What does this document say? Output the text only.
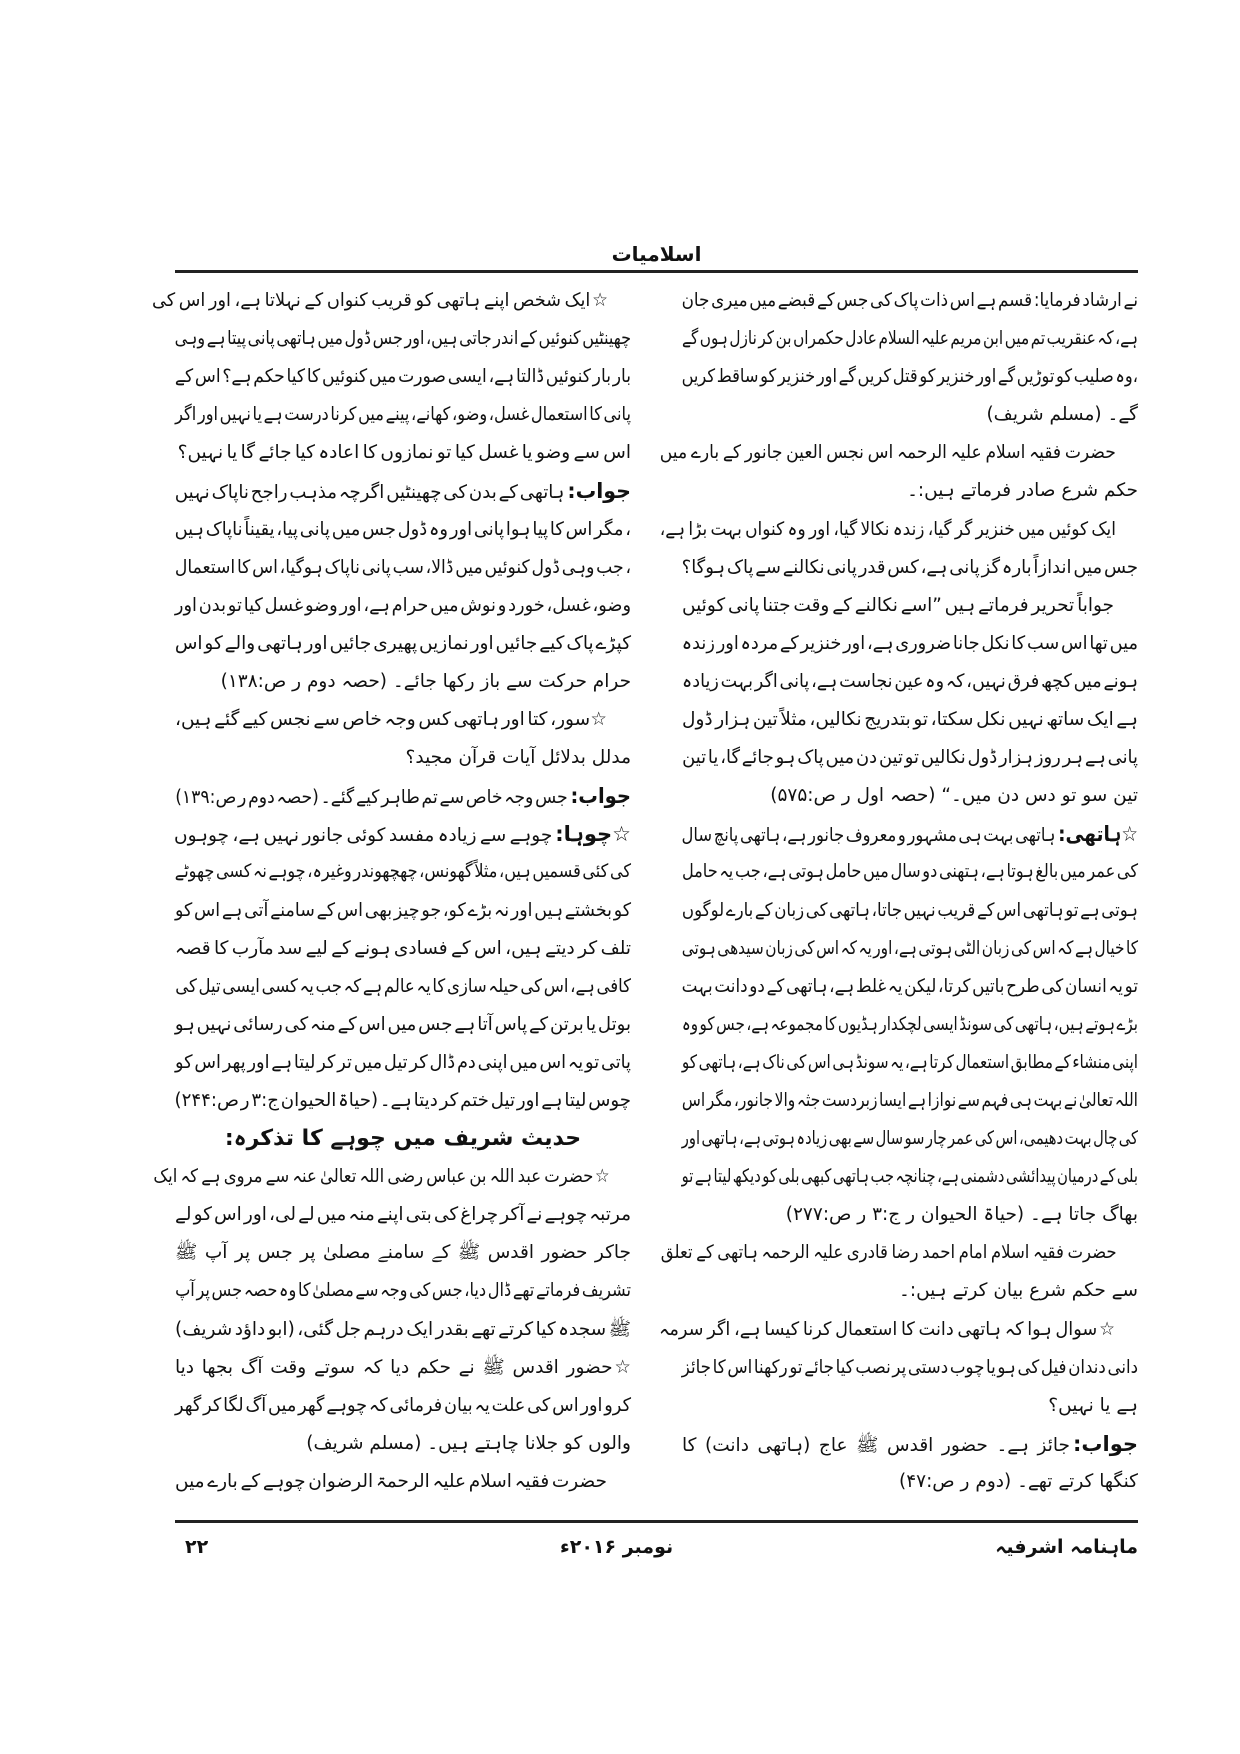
اسلامیات
نے ارشاد فرمایا: قسم ہے اس ذات پاک کی جس کے قبضے میں میری جان
ہے، کہ عنقریب تم میں ابن مریم علیہ السلام عادل حکمراں بن کر نازل ہوں گے
،وہ صلیب کو توڑیں گے اور خنزیر کو قتل کریں گے اور خنزیر کو ساقط کریں
گے۔ (مسلم شریف)
حضرت فقیہ اسلام علیہ الرحمہ اس نجس العین جانور کے بارے میں
حکم شرع صادر فرماتے ہیں:۔
ایک کوئیں میں خنزیر گر گیا، زندہ نکالا گیا، اور وہ کنواں بہت بڑا ہے،
جس میں اندازاً بارہ گز پانی ہے، کس قدر پانی نکالنے سے پاک ہوگا؟
جواباً تحریر فرماتے ہیں ”اسے نکالنے کے وقت جتنا پانی کوئیں
میں تھا اس سب کا نکل جانا ضروری ہے، اور خنزیر کے مردہ اور زندہ
ہونے میں کچھ فرق نہیں، کہ وہ عین نجاست ہے، پانی اگر بہت زیادہ
ہے ایک ساتھ نہیں نکل سکتا، تو بتدریج نکالیں، مثلاً تین ہزار ڈول
پانی ہے ہر روز ہزار ڈول نکالیں تو تین دن میں پاک ہو جائے گا، یا تین
تین سو تو دس دن میں۔“ (حصہ اول ر ص:۵۷۵)
☆ہاتھی:ہاتھی بہت ہی مشہور و معروف جانور ہے، ہاتھی پانچ سال
کی عمر میں بالغ ہوتا ہے، ہتھنی دو سال میں حامل ہوتی ہے، جب یہ حامل
ہوتی ہے تو ہاتھی اس کے قریب نہیں جاتا، ہاتھی کی زبان کے بارے لوگوں
کا خیال ہے کہ اس کی زبان الٹی ہوتی ہے، اور یہ کہ اس کی زبان سیدھی ہوتی
تو یہ انسان کی طرح باتیں کرتا، لیکن یہ غلط ہے، ہاتھی کے دو دانت بہت
بڑے ہوتے ہیں، ہاتھی کی سونڈ ایسی لچکدار ہڈیوں کا مجموعہ ہے، جس کو وہ
اپنی منشاء کے مطابق استعمال کرتا ہے، یہ سونڈ ہی اس کی ناک ہے، ہاتھی کو
اللہ تعالیٰ نے بہت ہی فہم سے نوازا ہے ایسا زبردست جثہ والا جانور، مگر اس
کی چال بہت دھیمی، اس کی عمر چار سو سال سے بھی زیادہ ہوتی ہے، ہاتھی اور
بلی کے درمیان پیدائشی دشمنی ہے، چنانچہ جب ہاتھی کبھی بلی کو دیکھ لیتا ہے تو
بھاگ جاتا ہے۔ (حیاۃ الحیوان ر ج:۳ ر ص:۲۷۷)
حضرت فقیہ اسلام امام احمد رضا قادری علیہ الرحمہ ہاتھی کے تعلق
سے حکم شرع بیان کرتے ہیں:۔
☆سوال ہوا کہ ہاتھی دانت کا استعمال کرنا کیسا ہے، اگر سرمہ
دانی دندان فیل کی ہو یا چوب دستی پر نصب کیا جائے تو رکھنا اس کا جائز
ہے یا نہیں؟
جواب:جائز ہے۔ حضور اقدس ﷺ عاج (ہاتھی دانت) کا
کنگھا کرتے تھے۔ (دوم ر ص:۴۷)
☆ایک شخص اپنے ہاتھی کو قریب کنواں کے نہلاتا ہے، اور اس کی
چھینٹیں کنوئیں کے اندر جاتی ہیں، اور جس ڈول میں ہاتھی پانی پیتا ہے وہی
بار بار کنوئیں ڈالتا ہے، ایسی صورت میں کنوئیں کا کیا حکم ہے؟ اس کے
پانی کا استعمال غسل، وضو، کھانے، پینے میں کرنا درست ہے یا نہیں اور اگر
اس سے وضو یا غسل کیا تو نمازوں کا اعادہ کیا جائے گا یا نہیں؟
جواب:ہاتھی کے بدن کی چھینٹیں اگرچہ مذہب راجح ناپاک نہیں
، مگر اس کا پیا ہوا پانی اور وہ ڈول جس میں پانی پیا، یقیناً ناپاک ہیں
، جب وہی ڈول کنوئیں میں ڈالا، سب پانی ناپاک ہوگیا، اس کا استعمال
وضو، غسل، خورد و نوش میں حرام ہے، اور وضو غسل کیا تو بدن اور
کپڑے پاک کیے جائیں اور نمازیں پھیری جائیں اور ہاتھی والے کو اس
حرام حرکت سے باز رکھا جائے۔ (حصہ دوم ر ص:۱۳۸)
☆سور، کتا اور ہاتھی کس وجہ خاص سے نجس کیے گئے ہیں،
مدلل بدلائل آیات قرآن مجید؟
جواب:جس وجہ خاص سے تم طاہر کیے گئے۔ (حصہ دوم ر ص:۱۳۹)
☆چوہا:چوہے سے زیادہ مفسد کوئی جانور نہیں ہے، چوہوں
کی کئی قسمیں ہیں، مثلاً گھونس، چھچھوندر وغیرہ، چوہے نہ کسی چھوٹے
کو بخشتے ہیں اور نہ بڑے کو، جو چیز بھی اس کے سامنے آتی ہے اس کو
تلف کر دیتے ہیں، اس کے فسادی ہونے کے لیے سد مآرب کا قصہ
کافی ہے، اس کی حیلہ سازی کا یہ عالم ہے کہ جب یہ کسی ایسی تیل کی
بوتل یا برتن کے پاس آتا ہے جس میں اس کے منہ کی رسائی نہیں ہو
پاتی تو یہ اس میں اپنی دم ڈال کر تیل میں تر کر لیتا ہے اور پھر اس کو
چوس لیتا ہے اور تیل ختم کر دیتا ہے۔ (حیاۃ الحیوان ج:۳ ر ص:۲۴۴)
حدیث شریف میں چوہے کا تذکرہ:
☆حضرت عبد اللہ بن عباس رضی اللہ تعالیٰ عنہ سے مروی ہے کہ ایک
مرتبہ چوہے نے آکر چراغ کی بتی اپنے منہ میں لے لی، اور اس کو لے
جاکر حضور اقدس ﷺ کے سامنے مصلیٰ پر جس پر آپ ﷺ
تشریف فرماتے تھے ڈال دیا، جس کی وجہ سے مصلیٰ کا وہ حصہ جس پر آپ
ﷺ سجدہ کیا کرتے تھے بقدر ایک درہم جل گئی، (ابو داؤد شریف)
☆حضور اقدس ﷺ نے حکم دیا کہ سوتے وقت آگ بجھا دیا
کرو اور اس کی علت یہ بیان فرمائی کہ چوہے گھر میں آگ لگا کر گھر
والوں کو جلانا چاہتے ہیں۔ (مسلم شریف)
حضرت فقیہ اسلام علیہ الرحمۃ الرضوان چوہے کے بارے میں
ماہنامہ اشرفیہ
نومبر ۲۰۱۶ء
۲۲
